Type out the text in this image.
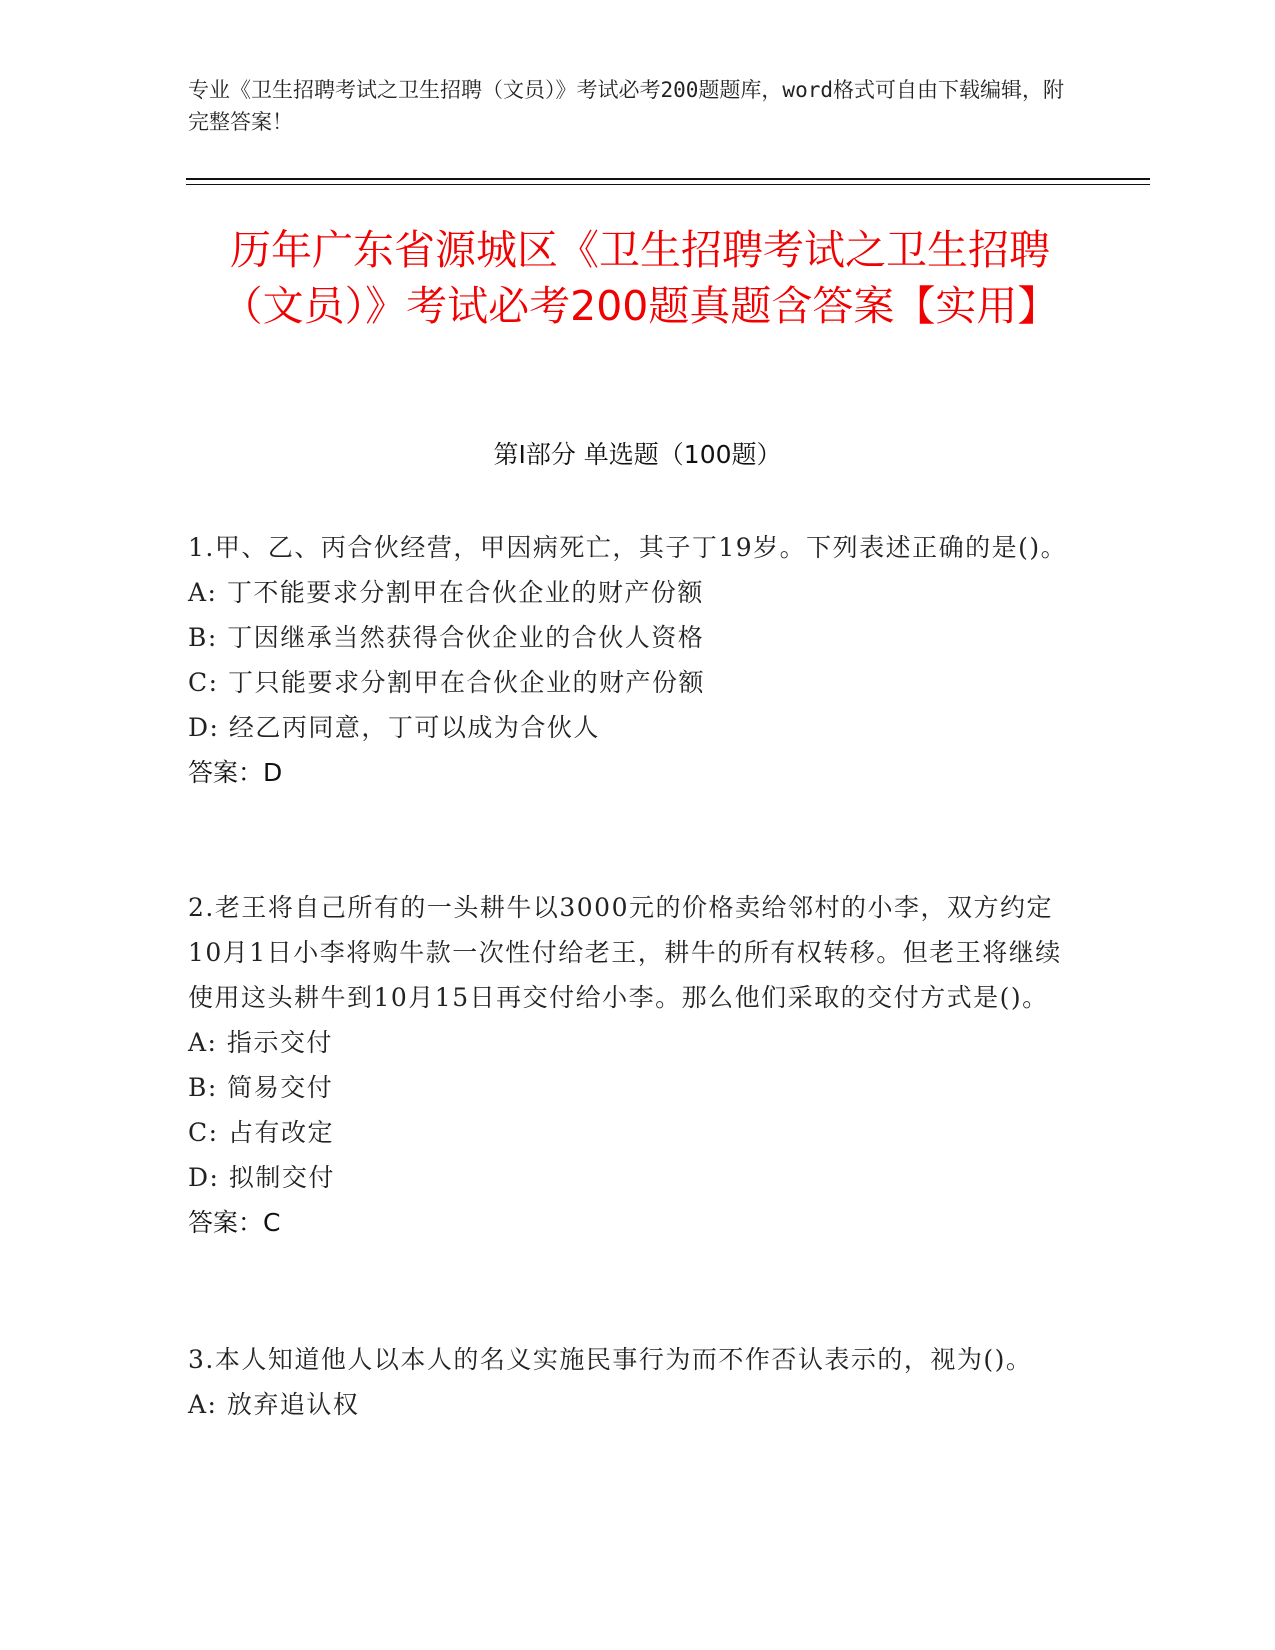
专业《卫生招聘考试之卫生招聘（文员）》考试必考200题题库，word格式可自由下载编辑，附完整答案！
历年广东省源城区《卫生招聘考试之卫生招聘（文员）》考试必考200题真题含答案【实用】
第I部分 单选题（100题）
1.甲、乙、丙合伙经营，甲因病死亡，其子丁19岁。下列表述正确的是()。
A: 丁不能要求分割甲在合伙企业的财产份额
B: 丁因继承当然获得合伙企业的合伙人资格
C: 丁只能要求分割甲在合伙企业的财产份额
D: 经乙丙同意，丁可以成为合伙人
答案：D
2.老王将自己所有的一头耕牛以3000元的价格卖给邻村的小李，双方约定10月1日小李将购牛款一次性付给老王，耕牛的所有权转移。但老王将继续使用这头耕牛到10月15日再交付给小李。那么他们采取的交付方式是()。
A: 指示交付
B: 简易交付
C: 占有改定
D: 拟制交付
答案：C
3.本人知道他人以本人的名义实施民事行为而不作否认表示的，视为()。
A: 放弃追认权
